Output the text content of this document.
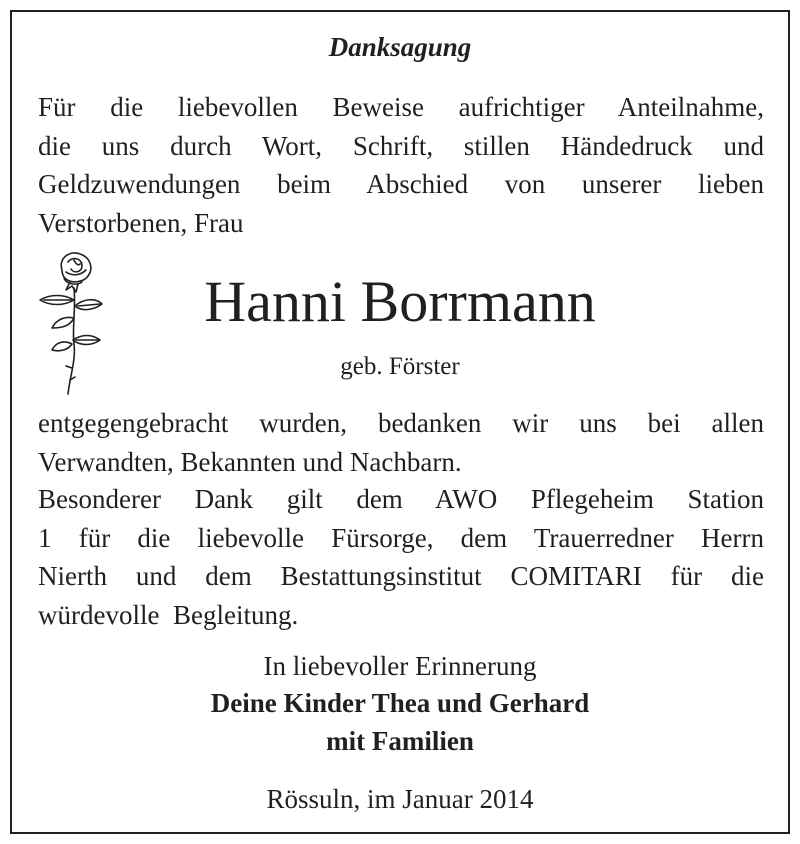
Danksagung
Für die liebevollen Beweise aufrichtiger Anteilnahme,
die uns durch Wort, Schrift, stillen Händedruck und
Geldzuwendungen beim Abschied von unserer lieben
Verstorbenen, Frau
Hanni Borrmann
geb. Förster
entgegengebracht wurden, bedanken wir uns bei allen
Verwandten, Bekannten und Nachbarn.
Besonderer Dank gilt dem AWO Pflegeheim Station
1 für die liebevolle Fürsorge, dem Trauerredner Herrn
Nierth und dem Bestattungsinstitut COMITARI für die
würdevolle  Begleitung.
In liebevoller Erinnerung
Deine Kinder Thea und Gerhard
mit Familien
Rössuln, im Januar 2014
